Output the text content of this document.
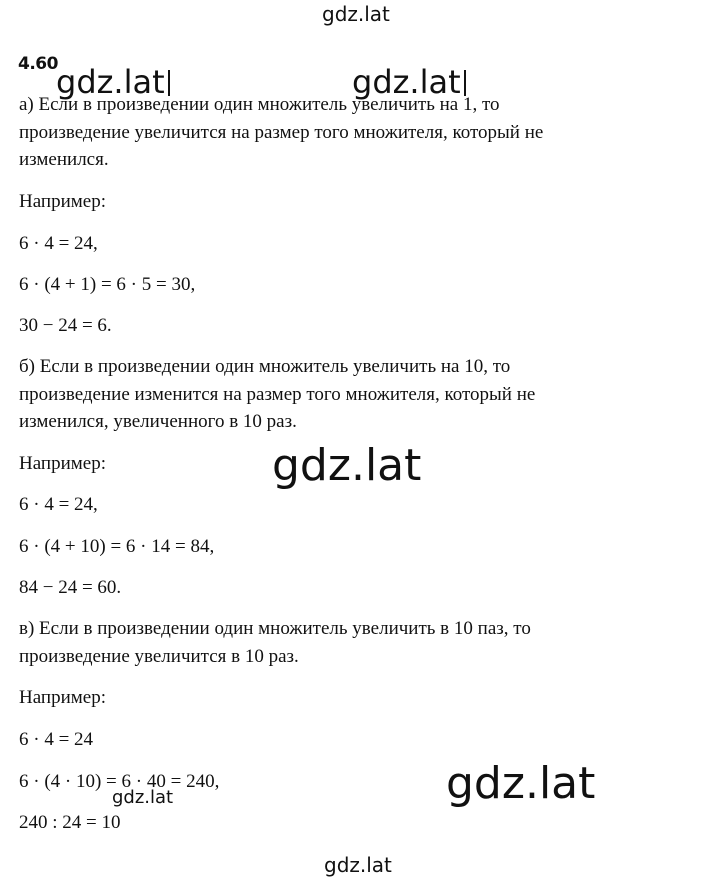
gdz.lat
4.60
gdz.lat	gdz.lat
а) Если в произведении один множитель увеличить на 1, то
произведение увеличится на размер того множителя, который не
изменился.
Например:
6 · 4 = 24,
6 · (4 + 1) = 6 · 5 = 30,
30 − 24 = 6.
б) Если в произведении один множитель увеличить на 10, то
произведение изменится на размер того множителя, который не
изменился, увеличенного в 10 раз.
Например:
6 · 4 = 24,
6 · (4 + 10) = 6 · 14 = 84,
84 − 24 = 60.
в) Если в произведении один множитель увеличить в 10 паз, то
произведение увеличится в 10 раз.
Например:
6 · 4 = 24
6 · (4 · 10) = 6 · 40 = 240,
240 : 24 = 10
gdz.lat
gdz.lat
gdz.lat
gdz.lat
